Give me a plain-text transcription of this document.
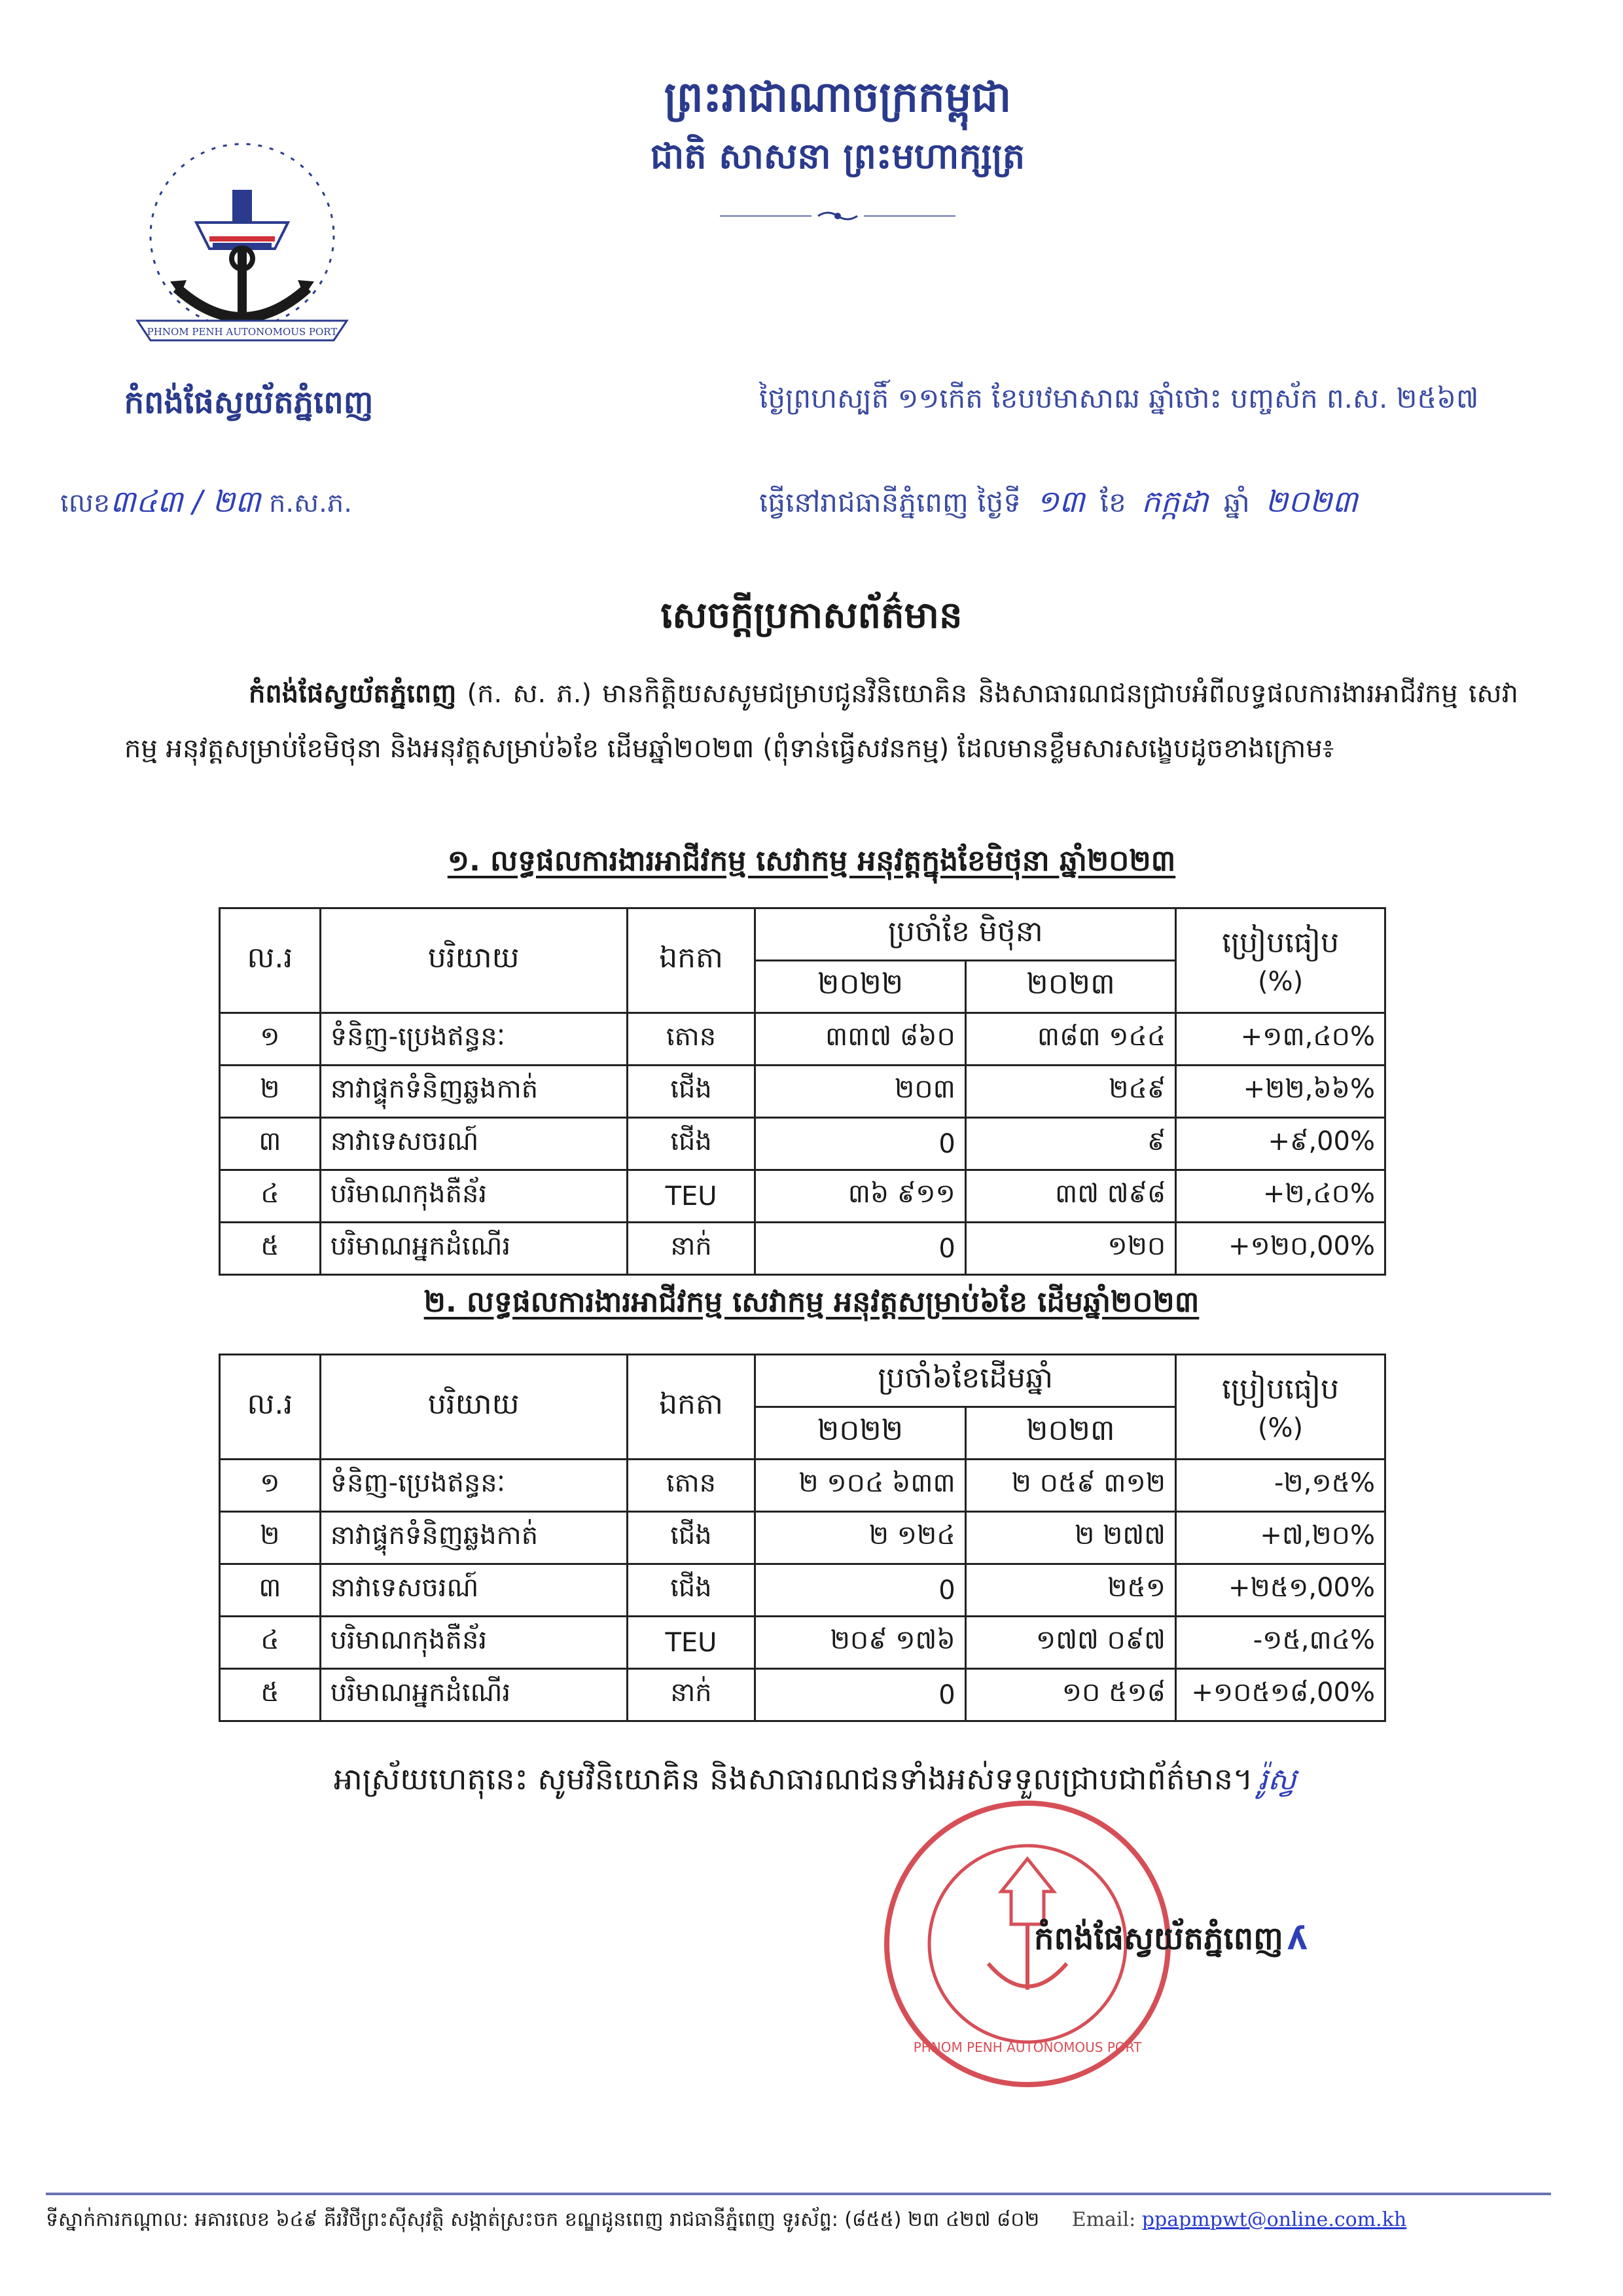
ព្រះរាជាណាចក្រកម្ពុជា
ជាតិ សាសនា ព្រះមហាក្សត្រ
PHNOM PENH AUTONOMOUS PORT
កំពង់ផែស្វយ័តភ្នំពេញ	ថ្ងៃព្រហស្បតិ៍ ១១កើត ខែបឋមាសាឍ ឆ្នាំថោះ បញ្ចស័ក ព.ស. ២៥៦៧
លេខ៣៤៣ / ២៣ ក.ស.ភ.	ធ្វើនៅរាជធានីភ្នំពេញ ថ្ងៃទី ១៣ ខែ កក្កដា ឆ្នាំ ២០២៣
សេចក្តីប្រកាសព័ត៌មាន
កំពង់ផែស្វយ័តភ្នំពេញ (ក. ស. ភ.) មានកិត្តិយសសូមជម្រាបជូនវិនិយោគិន និងសាធារណជនជ្រាបអំពីលទ្ធផលការងារអាជីវកម្ម សេវាកម្ម អនុវត្តសម្រាប់ខែមិថុនា និងអនុវត្តសម្រាប់៦ខែ ដើមឆ្នាំ២០២៣ (ពុំទាន់ធ្វើសវនកម្ម) ដែលមានខ្លឹមសារសង្ខេបដូចខាងក្រោម៖
១. លទ្ធផលការងារអាជីវកម្ម សេវាកម្ម អនុវត្តក្នុងខែមិថុនា ឆ្នាំ២០២៣
ល.រ	បរិយាយ	ឯកតា	ប្រចាំខែ មិថុនា		ប្រៀបធៀប
(%)

			២០២២	២០២៣	
១	ទំនិញ-ប្រេងឥន្ធនៈ	តោន	៣៣៧ ៨៦០	៣៨៣ ១៤៤	+១៣,៤០%
២	នាវាផ្ទុកទំនិញឆ្លងកាត់	ជើង	២០៣	២៤៩	+២២,៦៦%
៣	នាវាទេសចរណ៍	ជើង	0	៩	+៩,00%
៤	បរិមាណកុងតឺន័រ	TEU	៣៦ ៩១១	៣៧ ៧៩៨	+២,៤០%
៥	បរិមាណអ្នកដំណើរ	នាក់	0	១២០	+១២០,00%
២. លទ្ធផលការងារអាជីវកម្ម សេវាកម្ម អនុវត្តសម្រាប់៦ខែ ដើមឆ្នាំ២០២៣
ល.រ	បរិយាយ	ឯកតា	ប្រចាំ៦ខែដើមឆ្នាំ		ប្រៀបធៀប
(%)

			២០២២	២០២៣	
១	ទំនិញ-ប្រេងឥន្ធនៈ	តោន	២ ១០៤ ៦៣៣	២ ០៥៩ ៣១២	-២,១៥%
២	នាវាផ្ទុកទំនិញឆ្លងកាត់	ជើង	២ ១២៤	២ ២៧៧	+៧,២០%
៣	នាវាទេសចរណ៍	ជើង	0	២៥១	+២៥១,00%
៤	បរិមាណកុងតឺន័រ	TEU	២០៩ ១៧៦	១៧៧ ០៩៧	-១៥,៣៤%
៥	បរិមាណអ្នកដំណើរ	នាក់	0	១០ ៥១៨	+១០៥១៨,00%
អាស្រ័យហេតុនេះ សូមវិនិយោគិន និងសាធារណជនទាំងអស់ទទួលជ្រាបជាព័ត៌មាន។ រ៉ូស្វ
PHNOM PENH AUTONOMOUS PORT
កំពង់ផែស្វយ័តភ្នំពេញ ʎ
ទីស្នាក់ការកណ្តាល: អគារលេខ ៦៤៩ គីរវិថីព្រះស៊ីសុវត្ថិ សង្កាត់ស្រះចក ខណ្ឌដូនពេញ រាជធានីភ្នំពេញ ទូរស័ព្ទ: (៨៥៥) ២៣ ៤២៧ ៨០២ Email: ppapmpwt@online.com.kh
